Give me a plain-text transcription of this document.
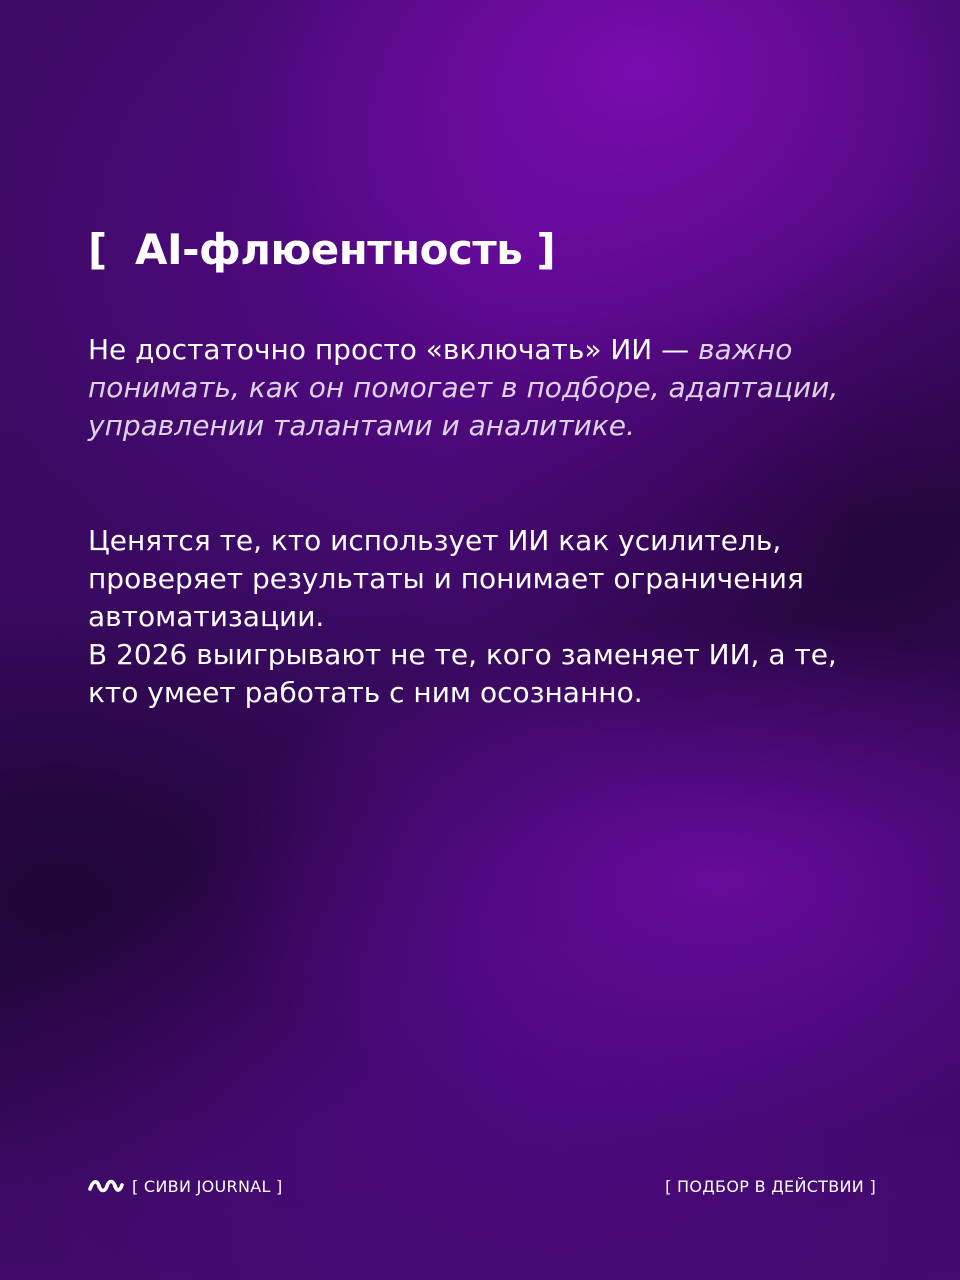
[ AI-флюентность ]

Не достаточно просто «включать» ИИ — важно понимать, как он помогает в подборе, адаптации, управлении талантами и аналитике.

Ценятся те, кто использует ИИ как усилитель, проверяет результаты и понимает ограничения автоматизации.

В 2026 выигрывают не те, кого заменяет ИИ, а те, кто умеет работать с ним осознанно.

[ СИВИ JOURNAL ]	[ ПОДБОР В ДЕЙСТВИИ ]
